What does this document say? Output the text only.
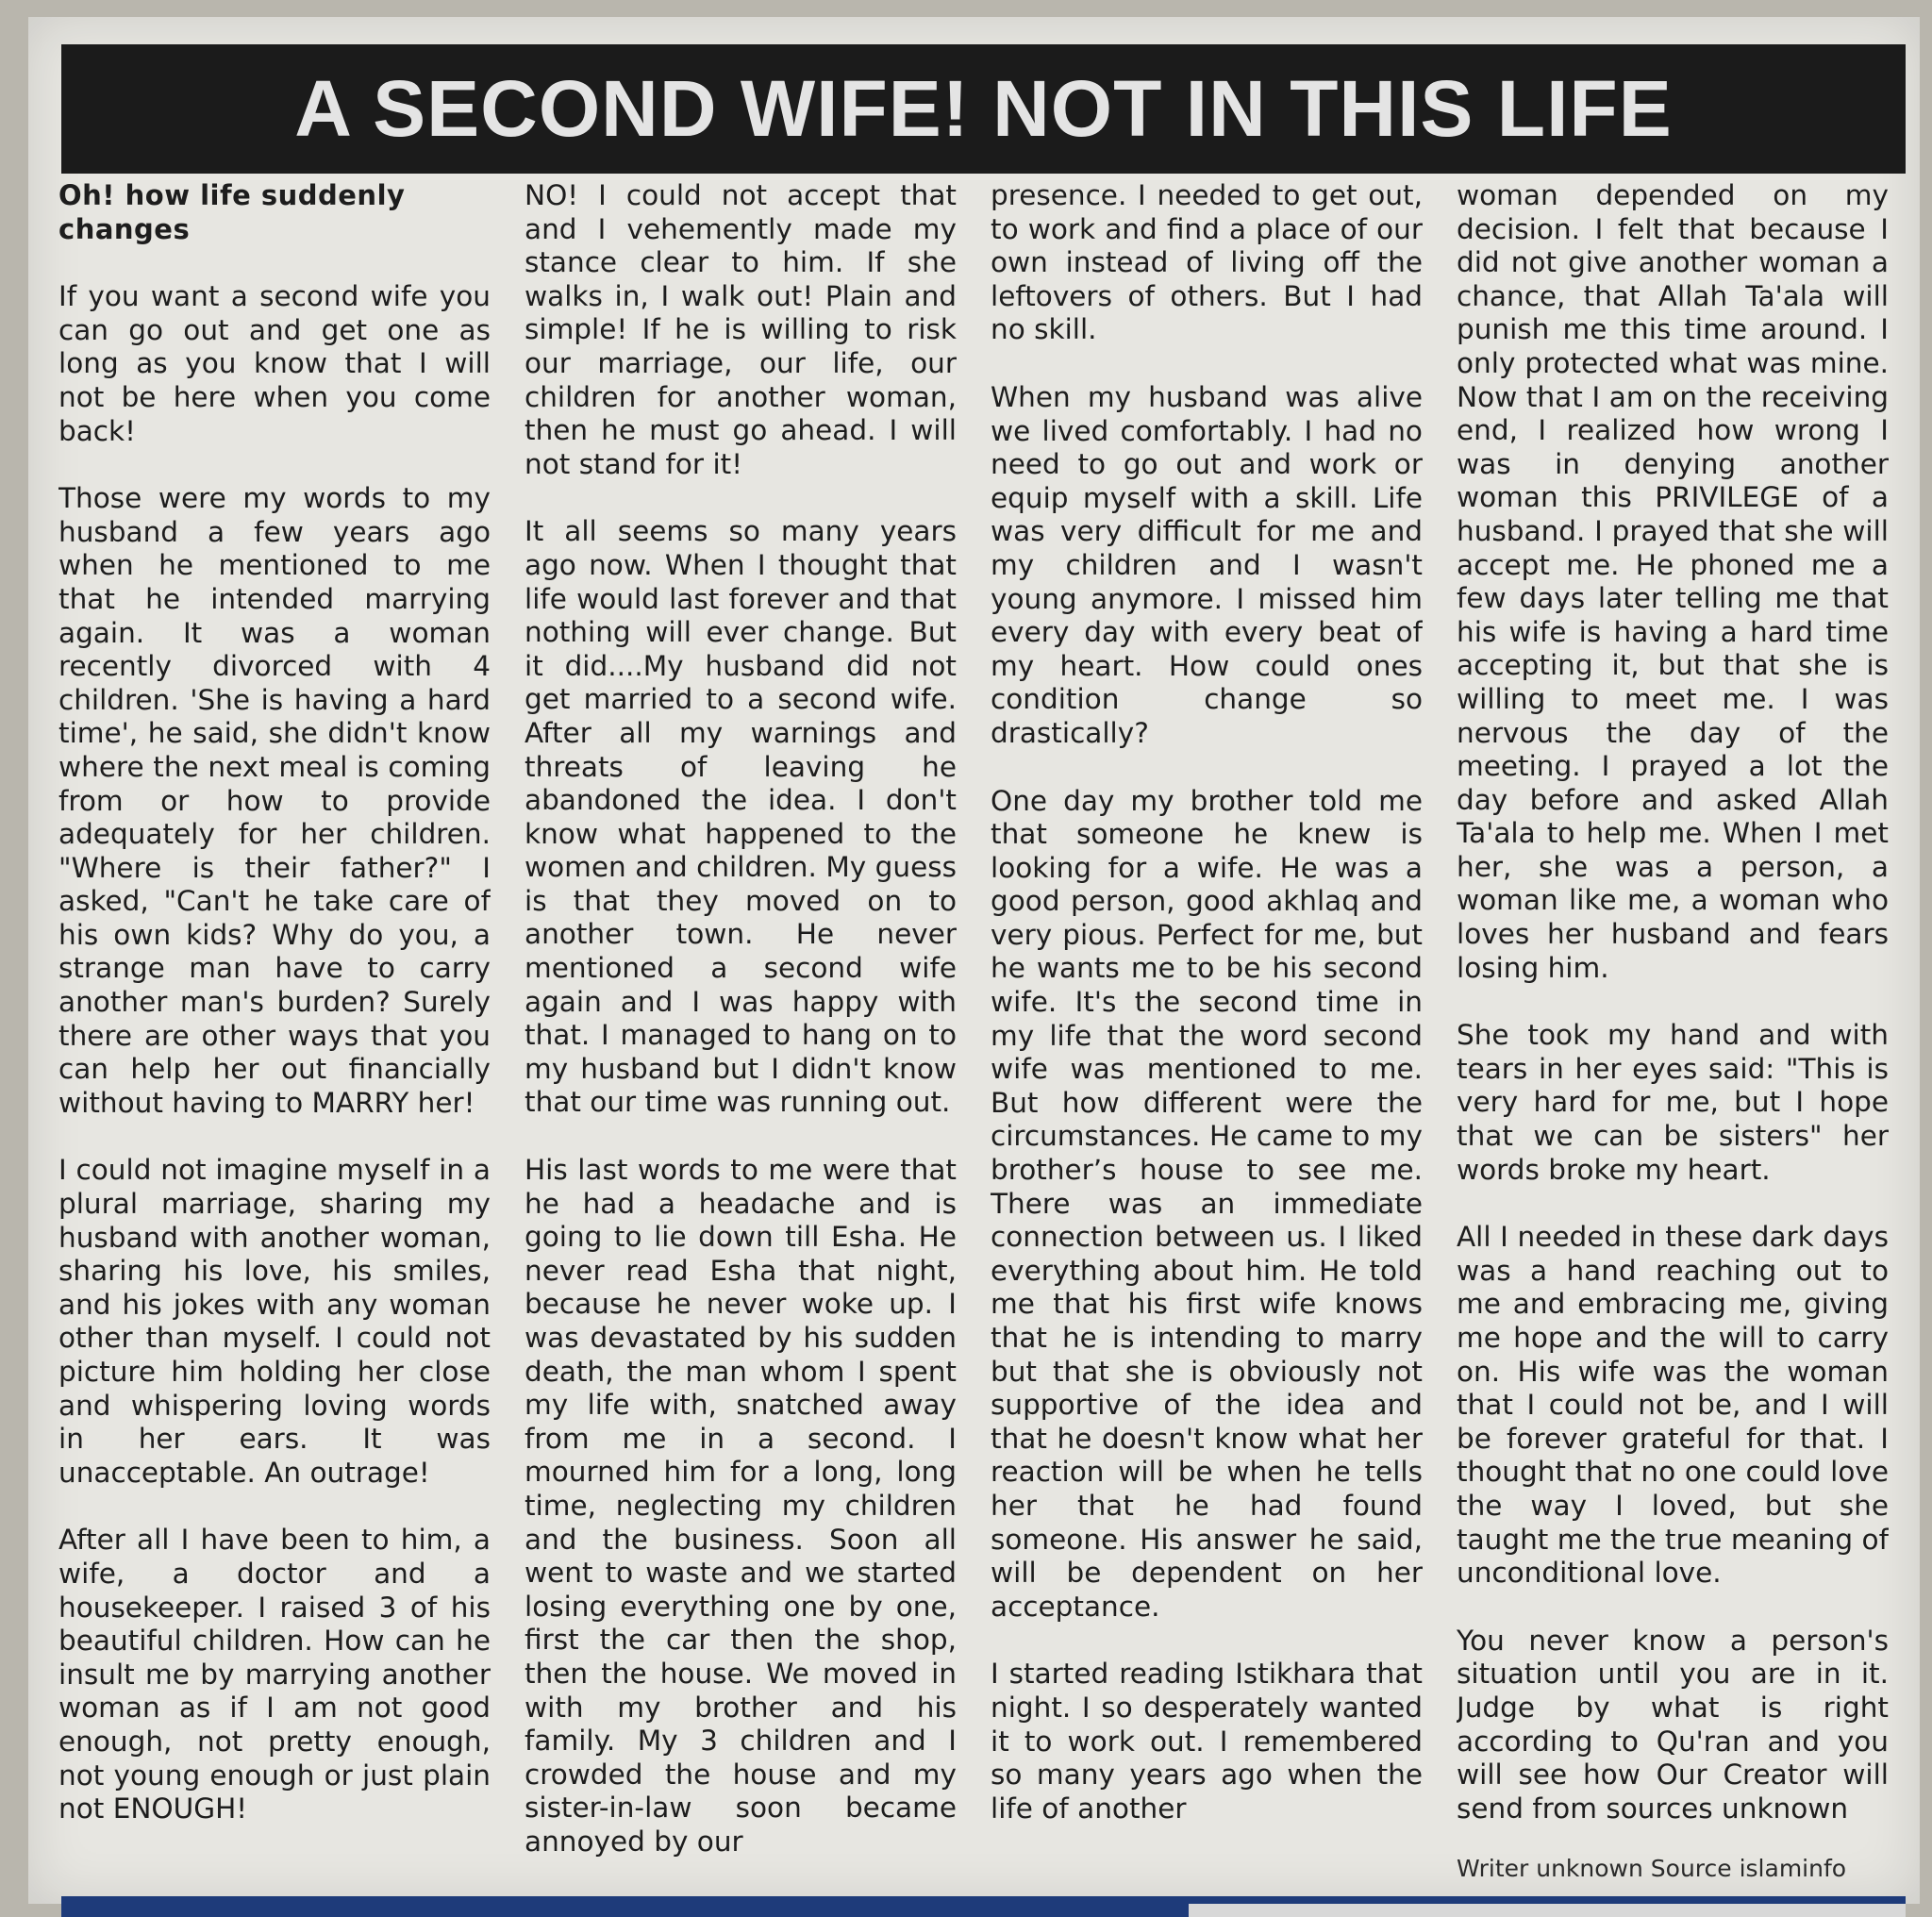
A SECOND WIFE! NOT IN THIS LIFE

Oh! how life suddenly changes

If you want a second wife you can go out and get one as long as you know that I will not be here when you come back!

Those were my words to my husband a few years ago when he mentioned to me that he intended marrying again. It was a woman recently divorced with 4 children. 'She is having a hard time', he said, she didn't know where the next meal is coming from or how to provide adequately for her children. "Where is their father?" I asked, "Can't he take care of his own kids? Why do you, a strange man have to carry another man's burden? Surely there are other ways that you can help her out financially without having to MARRY her!

I could not imagine myself in a plural marriage, sharing my husband with another woman, sharing his love, his smiles, and his jokes with any woman other than myself. I could not picture him holding her close and whispering loving words in her ears. It was unacceptable. An outrage!

After all I have been to him, a wife, a doctor and a housekeeper. I raised 3 of his beautiful children. How can he insult me by marrying another woman as if I am not good enough, not pretty enough, not young enough or just plain not ENOUGH!

NO! I could not accept that and I vehemently made my stance clear to him. If she walks in, I walk out! Plain and simple! If he is willing to risk our marriage, our life, our children for another woman, then he must go ahead. I will not stand for it!

It all seems so many years ago now. When I thought that life would last forever and that nothing will ever change. But it did....My husband did not get married to a second wife. After all my warnings and threats of leaving he abandoned the idea. I don't know what happened to the women and children. My guess is that they moved on to another town. He never mentioned a second wife again and I was happy with that. I managed to hang on to my husband but I didn't know that our time was running out.

His last words to me were that he had a headache and is going to lie down till Esha. He never read Esha that night, because he never woke up. I was devastated by his sudden death, the man whom I spent my life with, snatched away from me in a second. I mourned him for a long, long time, neglecting my children and the business. Soon all went to waste and we started losing everything one by one, first the car then the shop, then the house. We moved in with my brother and his family. My 3 children and I crowded the house and my sister-in-law soon became annoyed by our

presence. I needed to get out, to work and find a place of our own instead of living off the leftovers of others. But I had no skill.

When my husband was alive we lived comfortably. I had no need to go out and work or equip myself with a skill. Life was very difficult for me and my children and I wasn't young anymore. I missed him every day with every beat of my heart. How could ones condition change so drastically?

One day my brother told me that someone he knew is looking for a wife. He was a good person, good akhlaq and very pious. Perfect for me, but he wants me to be his second wife. It's the second time in my life that the word second wife was mentioned to me. But how different were the circumstances. He came to my brother’s house to see me. There was an immediate connection between us. I liked everything about him. He told me that his first wife knows that he is intending to marry but that she is obviously not supportive of the idea and that he doesn't know what her reaction will be when he tells her that he had found someone. His answer he said, will be dependent on her acceptance.

I started reading Istikhara that night. I so desperately wanted it to work out. I remembered so many years ago when the life of another

woman depended on my decision. I felt that because I did not give another woman a chance, that Allah Ta'ala will punish me this time around. I only protected what was mine. Now that I am on the receiving end, I realized how wrong I was in denying another woman this PRIVILEGE of a husband. I prayed that she will accept me. He phoned me a few days later telling me that his wife is having a hard time accepting it, but that she is willing to meet me. I was nervous the day of the meeting. I prayed a lot the day before and asked Allah Ta'ala to help me. When I met her, she was a person, a woman like me, a woman who loves her husband and fears losing him.

She took my hand and with tears in her eyes said: "This is very hard for me, but I hope that we can be sisters" her words broke my heart.

All I needed in these dark days was a hand reaching out to me and embracing me, giving me hope and the will to carry on. His wife was the woman that I could not be, and I will be forever grateful for that. I thought that no one could love the way I loved, but she taught me the true meaning of unconditional love.

You never know a person's situation until you are in it. Judge by what is right according to Qu'ran and you will see how Our Creator will send from sources unknown

Writer unknown Source islaminfo
